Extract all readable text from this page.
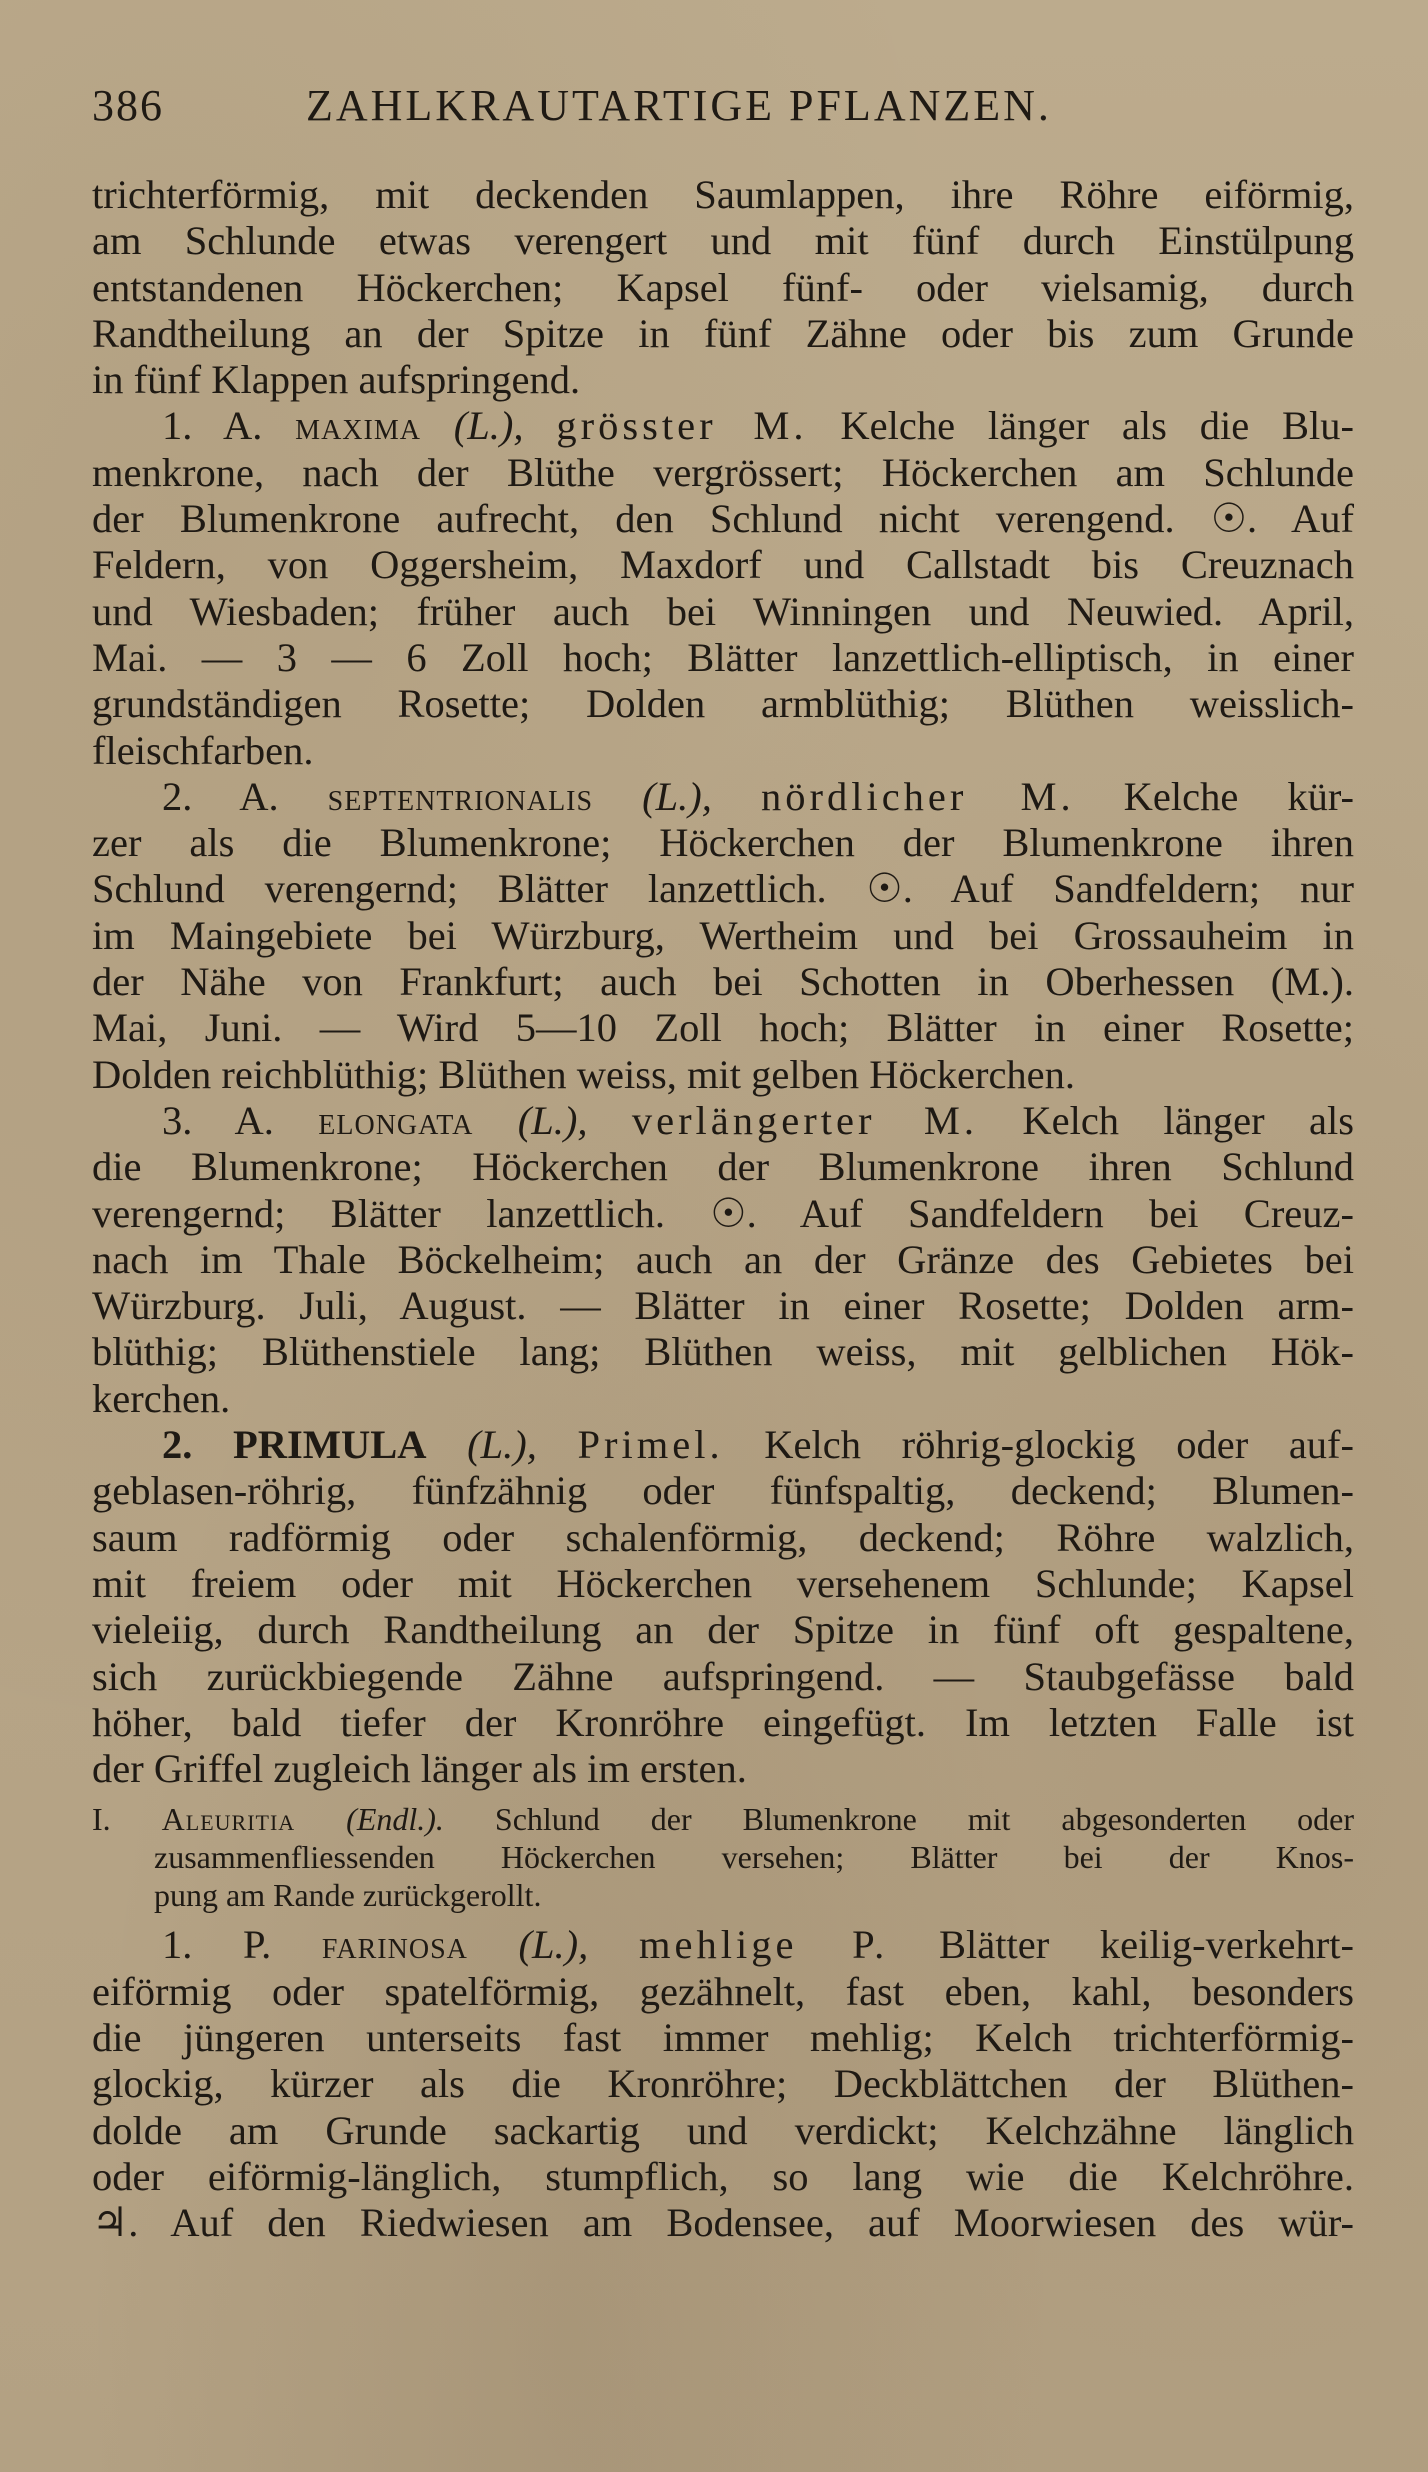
386	ZAHLKRAUTARTIGE PFLANZEN.
trichterförmig, mit deckenden Saumlappen, ihre Röhre eiförmig,
am Schlunde etwas verengert und mit fünf durch Einstülpung
entstandenen Höckerchen; Kapsel fünf- oder vielsamig, durch
Randtheilung an der Spitze in fünf Zähne oder bis zum Grunde
in fünf Klappen aufspringend.
1. A. maxima (L.), grösster M. Kelche länger als die Blu-
menkrone, nach der Blüthe vergrössert; Höckerchen am Schlunde
der Blumenkrone aufrecht, den Schlund nicht verengend. ☉. Auf
Feldern, von Oggersheim, Maxdorf und Callstadt bis Creuznach
und Wiesbaden; früher auch bei Winningen und Neuwied. April,
Mai. — 3 — 6 Zoll hoch; Blätter lanzettlich-elliptisch, in einer
grundständigen Rosette; Dolden armblüthig; Blüthen weisslich-
fleischfarben.
2. A. septentrionalis (L.), nördlicher M. Kelche kür-
zer als die Blumenkrone; Höckerchen der Blumenkrone ihren
Schlund verengernd; Blätter lanzettlich. ☉. Auf Sandfeldern; nur
im Maingebiete bei Würzburg, Wertheim und bei Grossauheim in
der Nähe von Frankfurt; auch bei Schotten in Oberhessen (M.).
Mai, Juni. — Wird 5—10 Zoll hoch; Blätter in einer Rosette;
Dolden reichblüthig; Blüthen weiss, mit gelben Höckerchen.
3. A. elongata (L.), verlängerter M. Kelch länger als
die Blumenkrone; Höckerchen der Blumenkrone ihren Schlund
verengernd; Blätter lanzettlich. ☉. Auf Sandfeldern bei Creuz-
nach im Thale Böckelheim; auch an der Gränze des Gebietes bei
Würzburg. Juli, August. — Blätter in einer Rosette; Dolden arm-
blüthig; Blüthenstiele lang; Blüthen weiss, mit gelblichen Hök-
kerchen.
2. PRIMULA (L.), Primel. Kelch röhrig-glockig oder auf-
geblasen-röhrig, fünfzähnig oder fünfspaltig, deckend; Blumen-
saum radförmig oder schalenförmig, deckend; Röhre walzlich,
mit freiem oder mit Höckerchen versehenem Schlunde; Kapsel
vieleiig, durch Randtheilung an der Spitze in fünf oft gespaltene,
sich zurückbiegende Zähne aufspringend. — Staubgefässe bald
höher, bald tiefer der Kronröhre eingefügt. Im letzten Falle ist
der Griffel zugleich länger als im ersten.
I. Aleuritia (Endl.). Schlund der Blumenkrone mit abgesonderten oder
zusammenfliessenden Höckerchen versehen; Blätter bei der Knos-
pung am Rande zurückgerollt.
1. P. farinosa (L.), mehlige P. Blätter keilig-verkehrt-
eiförmig oder spatelförmig, gezähnelt, fast eben, kahl, besonders
die jüngeren unterseits fast immer mehlig; Kelch trichterförmig-
glockig, kürzer als die Kronröhre; Deckblättchen der Blüthen-
dolde am Grunde sackartig und verdickt; Kelchzähne länglich
oder eiförmig-länglich, stumpflich, so lang wie die Kelchröhre.
♃. Auf den Riedwiesen am Bodensee, auf Moorwiesen des wür-
